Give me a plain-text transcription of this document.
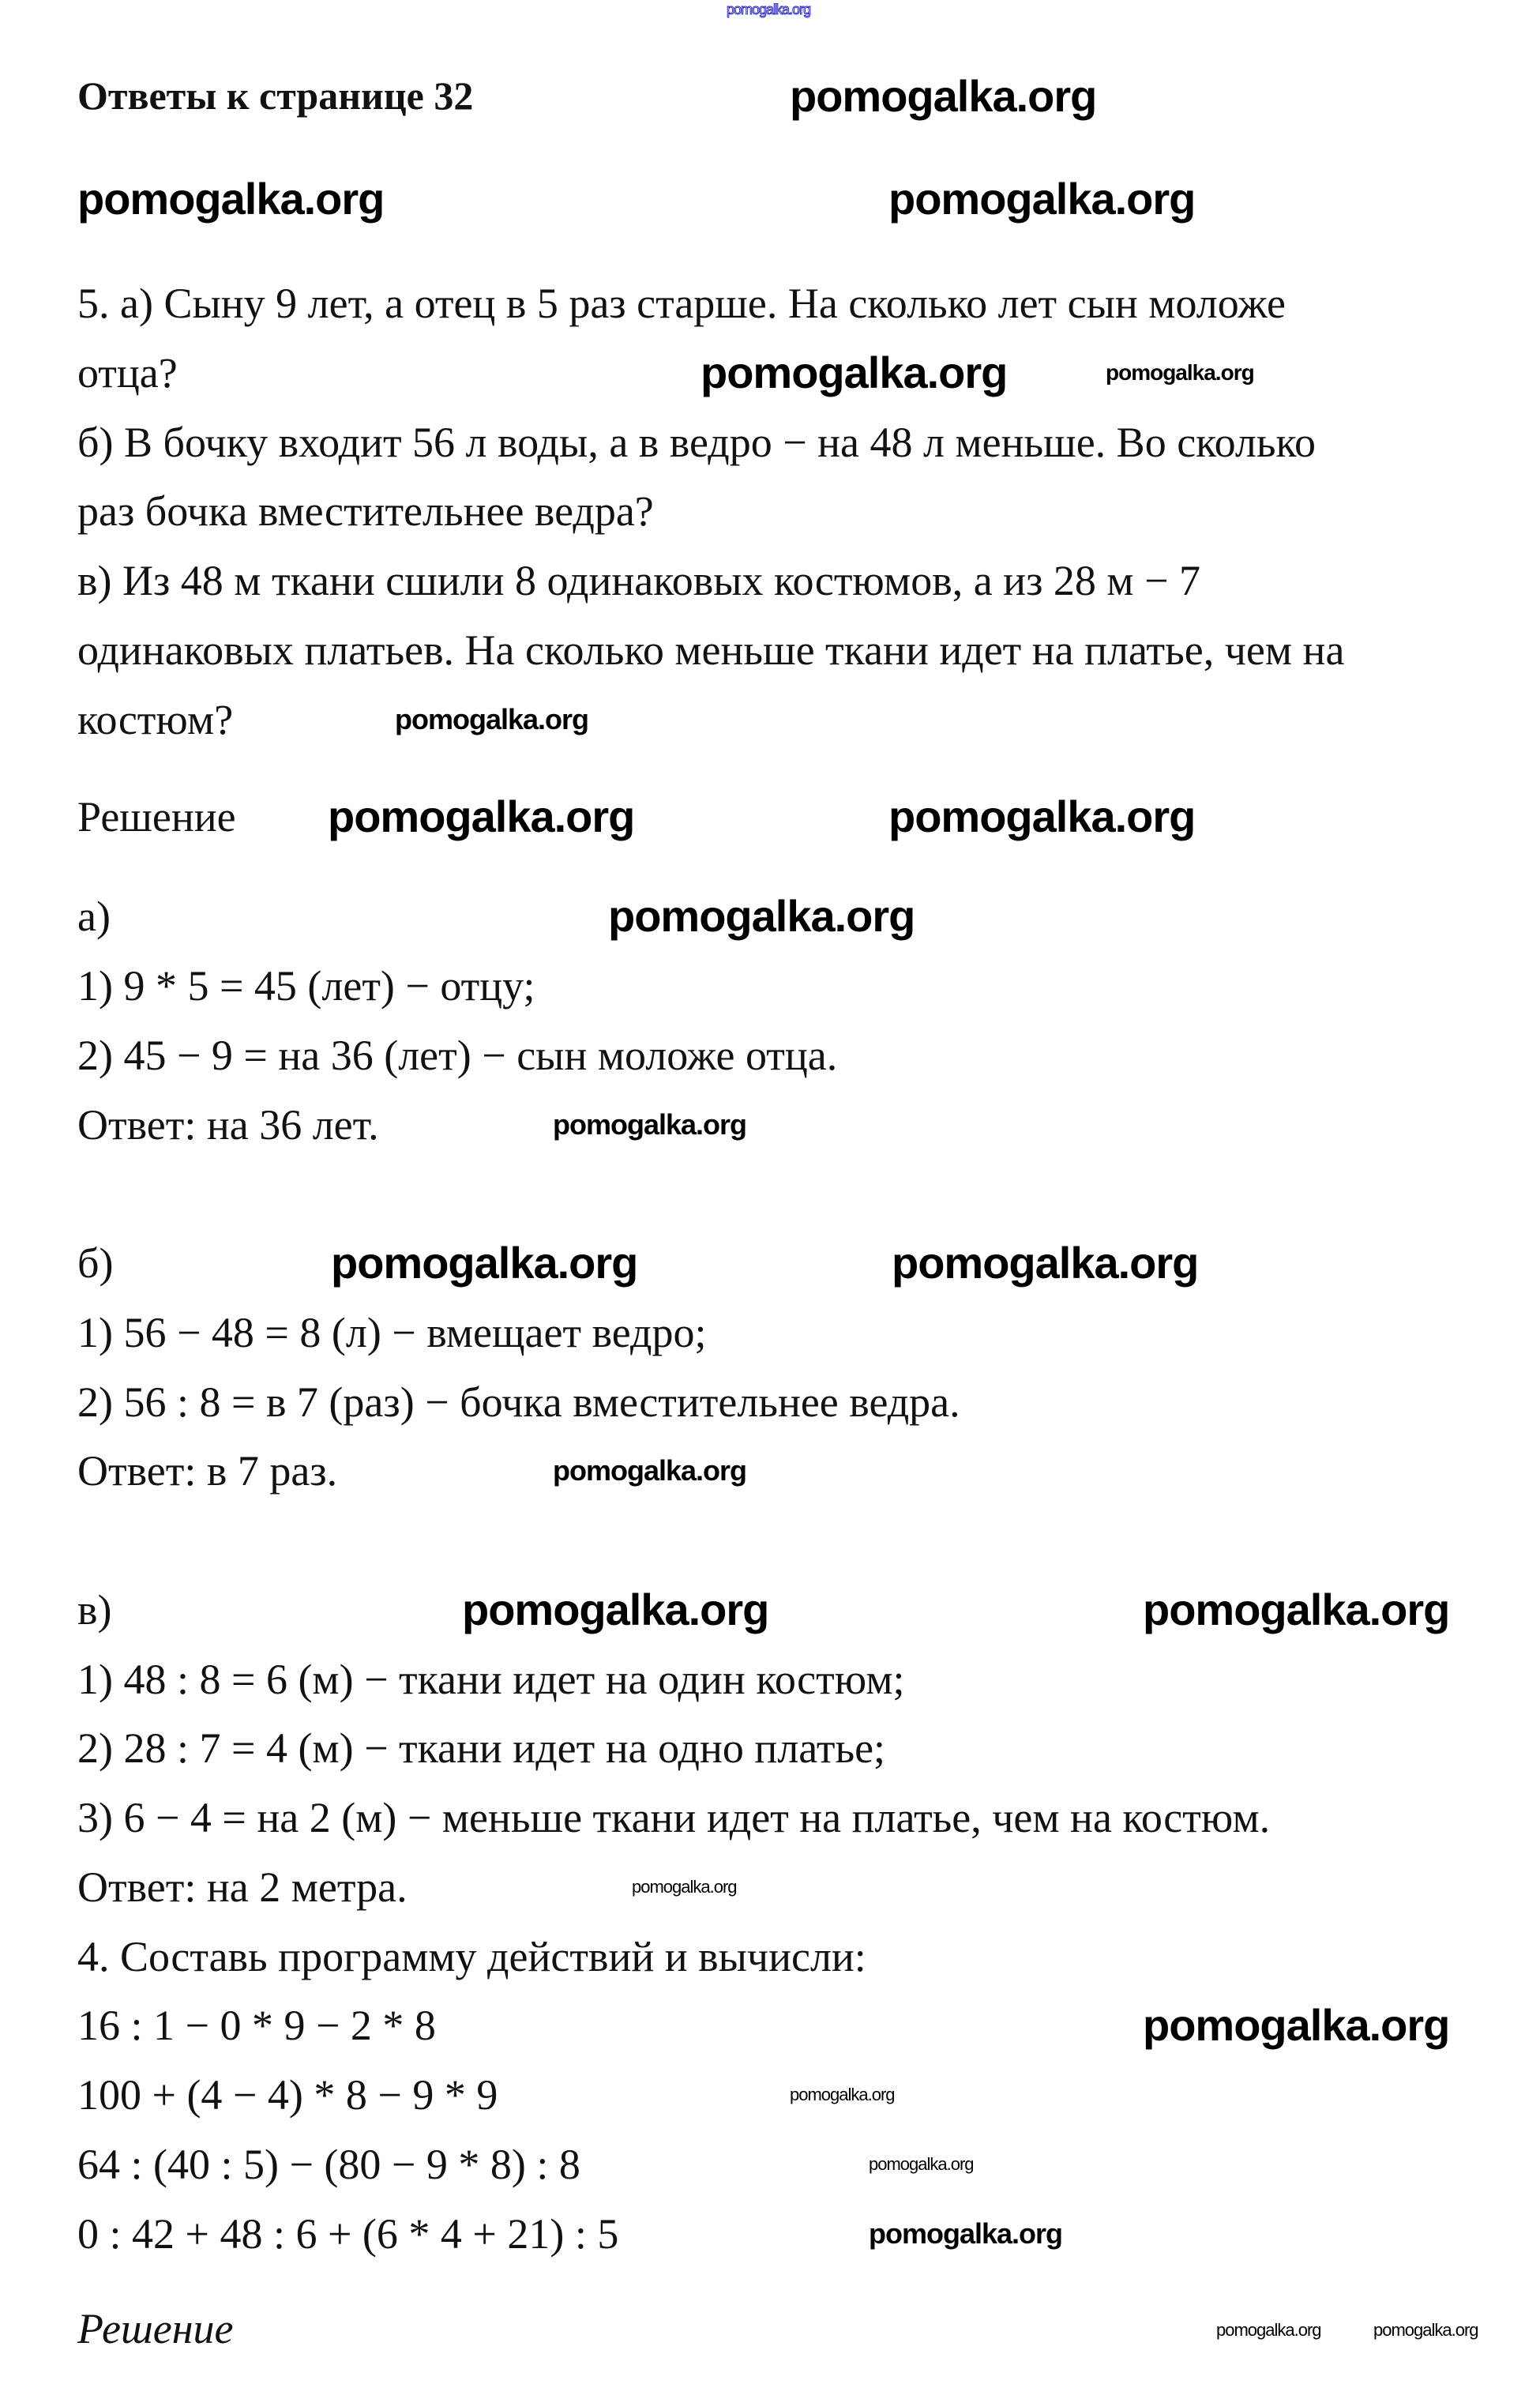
pomogalka.org
Ответы к странице 32
5. а) Сыну 9 лет, а отец в 5 раз старше. На сколько лет сын моложе
отца?
б) В бочку входит 56 л воды, а в ведро − на 48 л меньше. Во сколько
раз бочка вместительнее ведра?
в) Из 48 м ткани сшили 8 одинаковых костюмов, а из 28 м − 7
одинаковых платьев. На сколько меньше ткани идет на платье, чем на
костюм?
Решение
а)
1) 9 * 5 = 45 (лет) − отцу;
2) 45 − 9 = на 36 (лет) − сын моложе отца.
Ответ: на 36 лет.
б)
1) 56 − 48 = 8 (л) − вмещает ведро;
2) 56 : 8 = в 7 (раз) − бочка вместительнее ведра.
Ответ: в 7 раз.
в)
1) 48 : 8 = 6 (м) − ткани идет на один костюм;
2) 28 : 7 = 4 (м) − ткани идет на одно платье;
3) 6 − 4 = на 2 (м) − меньше ткани идет на платье, чем на костюм.
Ответ: на 2 метра.
4. Составь программу действий и вычисли:
16 : 1 − 0 * 9 − 2 * 8
100 + (4 − 4) * 8 − 9 * 9
64 : (40 : 5) − (80 − 9 * 8) : 8
0 : 42 + 48 : 6 + (6 * 4 + 21) : 5
Решение
pomogalka.org
pomogalka.org	pomogalka.org
pomogalka.org
pomogalka.org	pomogalka.org
pomogalka.org
pomogalka.org	pomogalka.org
pomogalka.org	pomogalka.org
pomogalka.org
pomogalka.org
pomogalka.org
pomogalka.org
pomogalka.org
pomogalka.org
pomogalka.org
pomogalka.org
pomogalka.org
pomogalka.org	pomogalka.org
